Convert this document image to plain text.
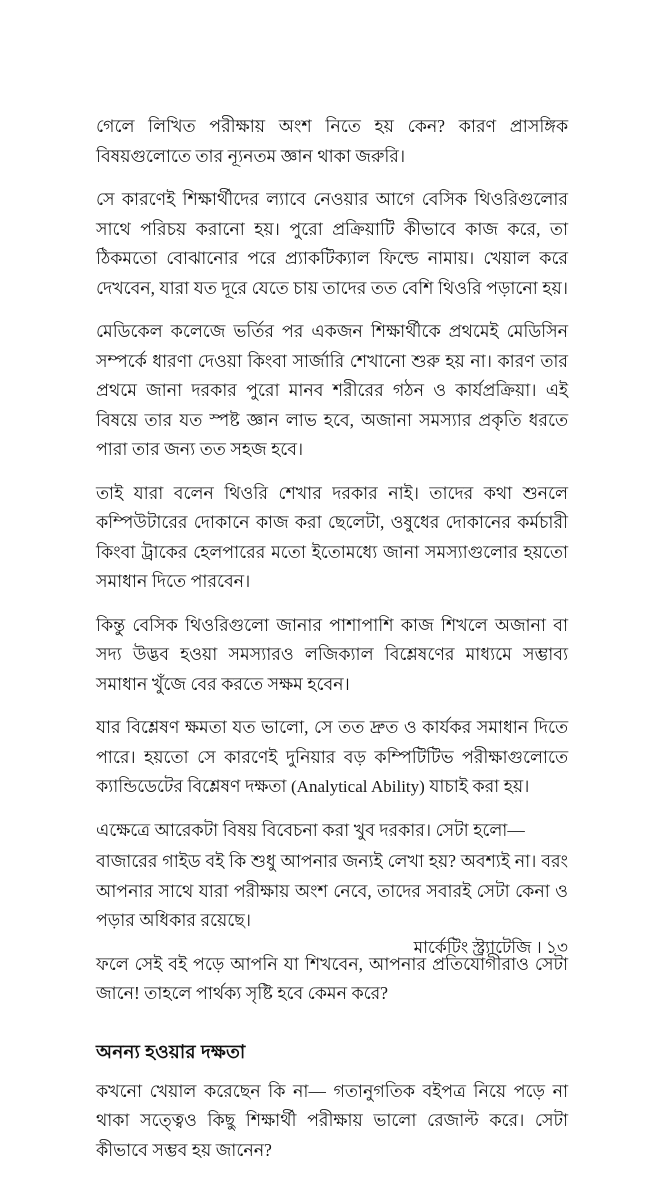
গেলে লিখিত পরীক্ষায় অংশ নিতে হয় কেন? কারণ প্রাসঙ্গিক বিষয়গুলোতে তার ন্যূনতম জ্ঞান থাকা জরুরি।

সে কারণেই শিক্ষার্থীদের ল্যাবে নেওয়ার আগে বেসিক থিওরিগুলোর সাথে পরিচয় করানো হয়। পুরো প্রক্রিয়াটি কীভাবে কাজ করে, তা ঠিকমতো বোঝানোর পরে প্র্যাকটিক্যাল ফিল্ডে নামায়। খেয়াল করে দেখবেন, যারা যত দূরে যেতে চায় তাদের তত বেশি থিওরি পড়ানো হয়।

মেডিকেল কলেজে ভর্তির পর একজন শিক্ষার্থীকে প্রথমেই মেডিসিন সম্পর্কে ধারণা দেওয়া কিংবা সার্জারি শেখানো শুরু হয় না। কারণ তার প্রথমে জানা দরকার পুরো মানব শরীরের গঠন ও কার্যপ্রক্রিয়া। এই বিষয়ে তার যত স্পষ্ট জ্ঞান লাভ হবে, অজানা সমস্যার প্রকৃতি ধরতে পারা তার জন্য তত সহজ হবে।

তাই যারা বলেন থিওরি শেখার দরকার নাই। তাদের কথা শুনলে কম্পিউটারের দোকানে কাজ করা ছেলেটা, ওষুধের দোকানের কর্মচারী কিংবা ট্রাকের হেলপারের মতো ইতোমধ্যে জানা সমস্যাগুলোর হয়তো সমাধান দিতে পারবেন।

কিন্তু বেসিক থিওরিগুলো জানার পাশাপাশি কাজ শিখলে অজানা বা সদ্য উদ্ভব হওয়া সমস্যারও লজিক্যাল বিশ্লেষণের মাধ্যমে সম্ভাব্য সমাধান খুঁজে বের করতে সক্ষম হবেন।

যার বিশ্লেষণ ক্ষমতা যত ভালো, সে তত দ্রুত ও কার্যকর সমাধান দিতে পারে। হয়তো সে কারণেই দুনিয়ার বড় কম্পিটিটিভ পরীক্ষাগুলোতে ক্যান্ডিডেটের বিশ্লেষণ দক্ষতা (Analytical Ability) যাচাই করা হয়।

এক্ষেত্রে আরেকটা বিষয় বিবেচনা করা খুব দরকার। সেটা হলো—

বাজারের গাইড বই কি শুধু আপনার জন্যই লেখা হয়? অবশ্যই না। বরং আপনার সাথে যারা পরীক্ষায় অংশ নেবে, তাদের সবারই সেটা কেনা ও পড়ার অধিকার রয়েছে।

ফলে সেই বই পড়ে আপনি যা শিখবেন, আপনার প্রতিযোগীরাও সেটা জানে! তাহলে পার্থক্য সৃষ্টি হবে কেমন করে?

অনন্য হওয়ার দক্ষতা

কখনো খেয়াল করেছেন কি না— গতানুগতিক বইপত্র নিয়ে পড়ে না থাকা সত্ত্বেও কিছু শিক্ষার্থী পরীক্ষায় ভালো রেজাল্ট করে। সেটা কীভাবে সম্ভব হয় জানেন?

মার্কেটিং স্ট্র্যাটেজি । ১৩
